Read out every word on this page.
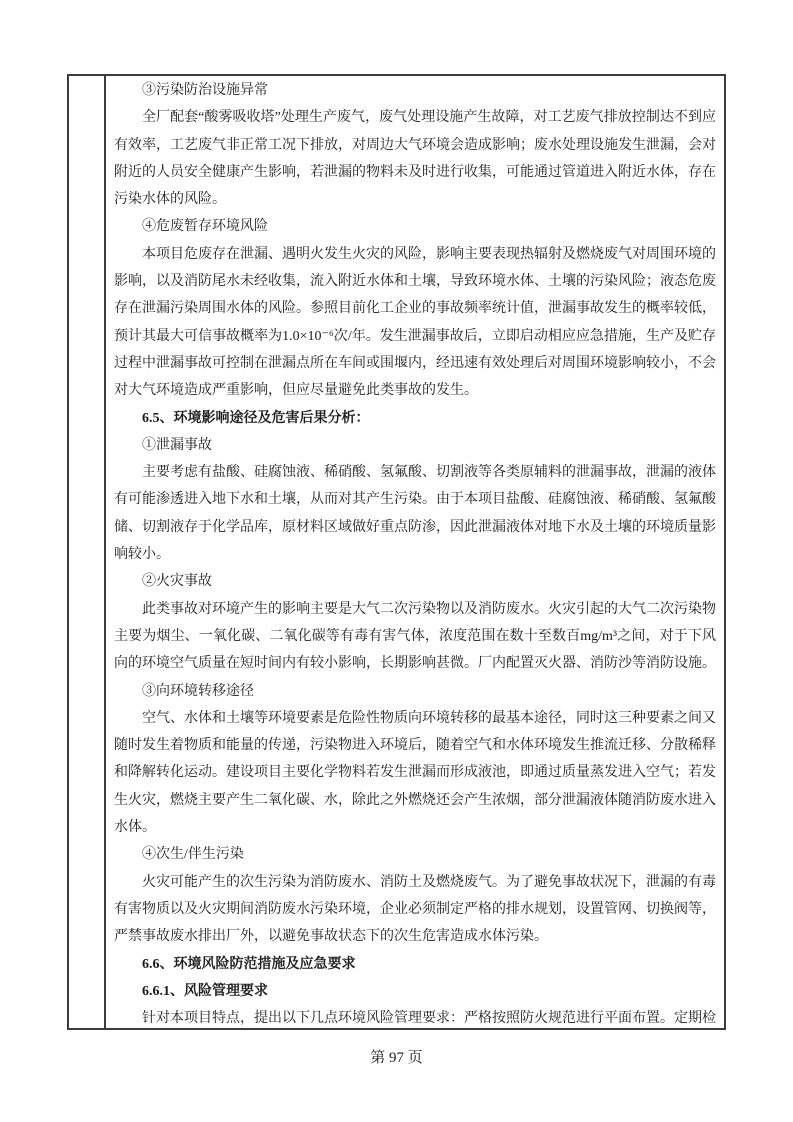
③污染防治设施异常

全厂配套“酸雾吸收塔”处理生产废气，废气处理设施产生故障，对工艺废气排放控制达不到应有效率，工艺废气非正常工况下排放，对周边大气环境会造成影响；废水处理设施发生泄漏，会对附近的人员安全健康产生影响，若泄漏的物料未及时进行收集，可能通过管道进入附近水体，存在污染水体的风险。

④危废暂存环境风险

本项目危废存在泄漏、遇明火发生火灾的风险，影响主要表现热辐射及燃烧废气对周围环境的影响，以及消防尾水未经收集，流入附近水体和土壤，导致环境水体、土壤的污染风险；液态危废存在泄漏污染周围水体的风险。参照目前化工企业的事故频率统计值，泄漏事故发生的概率较低，预计其最大可信事故概率为1.0×10⁻⁶次/年。发生泄漏事故后，立即启动相应应急措施，生产及贮存过程中泄漏事故可控制在泄漏点所在车间或围堰内，经迅速有效处理后对周围环境影响较小，不会对大气环境造成严重影响，但应尽量避免此类事故的发生。

6.5、环境影响途径及危害后果分析：

①泄漏事故

主要考虑有盐酸、硅腐蚀液、稀硝酸、氢氟酸、切割液等各类原辅料的泄漏事故，泄漏的液体有可能渗透进入地下水和土壤，从而对其产生污染。由于本项目盐酸、硅腐蚀液、稀硝酸、氢氟酸储、切割液存于化学品库，原材料区域做好重点防渗，因此泄漏液体对地下水及土壤的环境质量影响较小。

②火灾事故

此类事故对环境产生的影响主要是大气二次污染物以及消防废水。火灾引起的大气二次污染物主要为烟尘、一氧化碳、二氧化碳等有毒有害气体，浓度范围在数十至数百mg/m³之间，对于下风向的环境空气质量在短时间内有较小影响，长期影响甚微。厂内配置灭火器、消防沙等消防设施。

③向环境转移途径

空气、水体和土壤等环境要素是危险性物质向环境转移的最基本途径，同时这三种要素之间又随时发生着物质和能量的传递，污染物进入环境后，随着空气和水体环境发生推流迁移、分散稀释和降解转化运动。建设项目主要化学物料若发生泄漏而形成液池，即通过质量蒸发进入空气；若发生火灾，燃烧主要产生二氧化碳、水，除此之外燃烧还会产生浓烟，部分泄漏液体随消防废水进入水体。

④次生/伴生污染

火灾可能产生的次生污染为消防废水、消防土及燃烧废气。为了避免事故状况下，泄漏的有毒有害物质以及火灾期间消防废水污染环境，企业必须制定严格的排水规划，设置管网、切换阀等，严禁事故废水排出厂外，以避免事故状态下的次生危害造成水体污染。

6.6、环境风险防范措施及应急要求

6.6.1、风险管理要求

针对本项目特点，提出以下几点环境风险管理要求：严格按照防火规范进行平面布置。定期检

第 97 页
